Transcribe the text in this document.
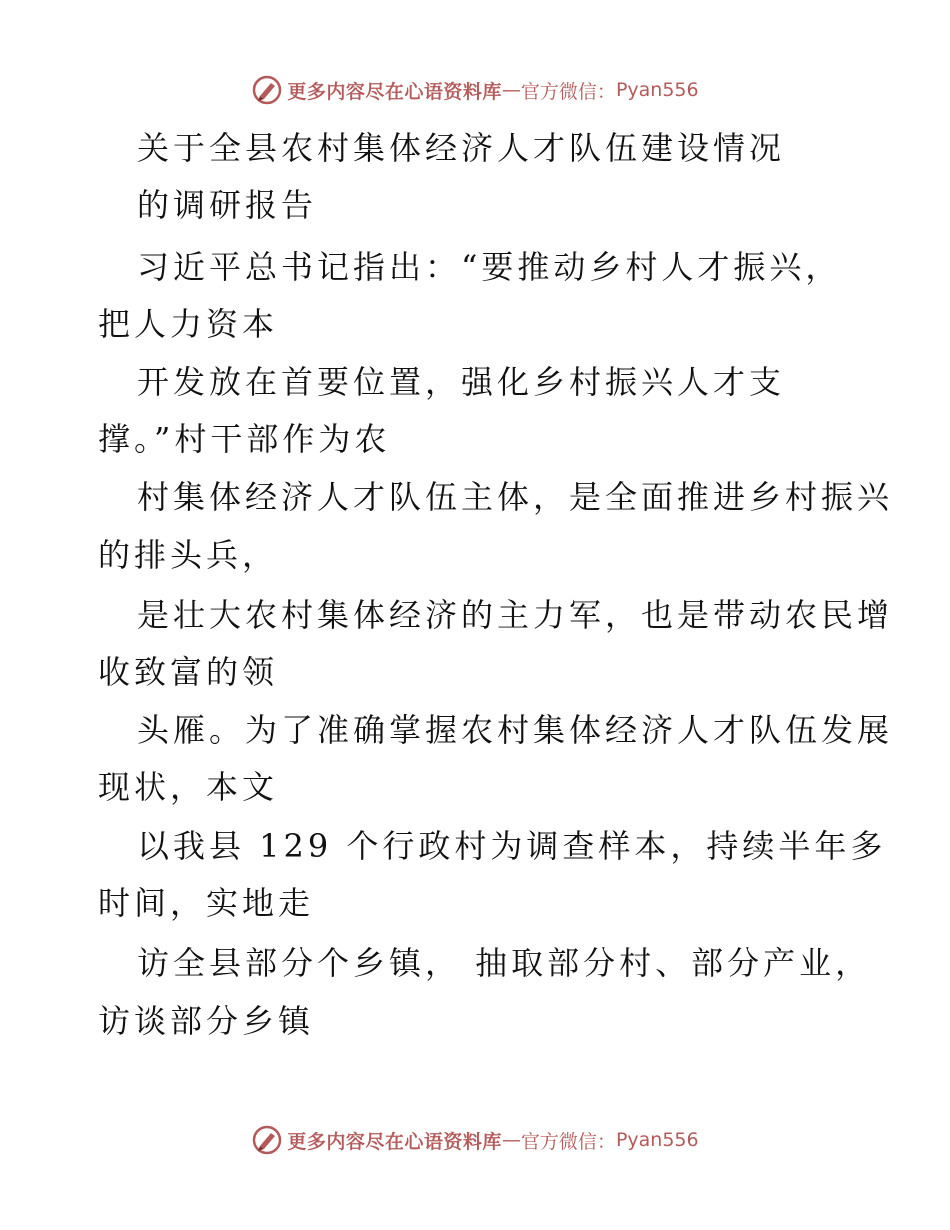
更多内容尽在心语资料库 — 官方微信： Pyan556
关于全县农村集体经济人才队伍建设情况
的调研报告
习近平总书记指出：“要推动乡村人才振兴，
把人力资本
开发放在首要位置，强化乡村振兴人才支
撑。”村干部作为农
村集体经济人才队伍主体，是全面推进乡村振兴
的排头兵，
是壮大农村集体经济的主力军，也是带动农民增
收致富的领
头雁。为了准确掌握农村集体经济人才队伍发展
现状，本文
以我县 129 个行政村为调查样本，持续半年多
时间，实地走
访全县部分个乡镇， 抽取部分村、部分产业，
访谈部分乡镇
更多内容尽在心语资料库 — 官方微信： Pyan556
